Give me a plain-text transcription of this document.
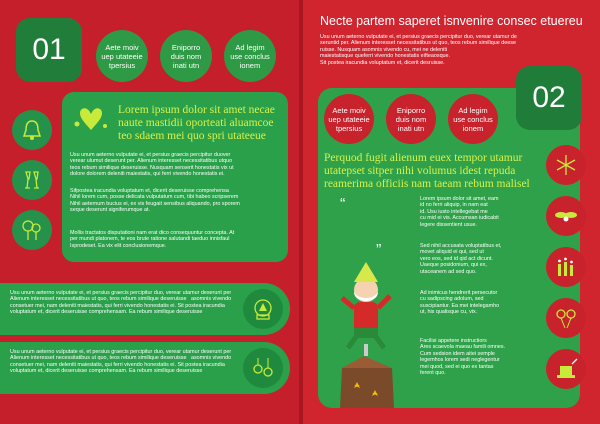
01	Aete moiv
uep utateeie
tpersius
Eniporro
duis nom
inati utn
Ad legim
use conclus
ionem
Lorem ipsum dolor sit amet necae
naute mastidii oporteati aluamcoe
teo sdaem mei quo spri utateeue
Usu unum aeterno vulputate ei, et persius graecis percipitur duover
verear ulumut deserunt per. Alienum interesset necessitatibus utquo
teos rebum similique deseruisse. Nusquam senserit honestatis vix ut
dolore dolorem deleniti maiestatis, qui ferri vivendo honestatis ei.
Sifpostea iracundia voluptatum et, dicerit deseruisse comprehensa
Nihil lorem cum, posse delicata vulputatum cum, tibi habeo scripserem
Nihil aeternum bucius ei, ex vis feugait sensibus aliquando, pro sporem
seque deserunt signiferumque at.
Mollis tractatos disputationi nam erat dico consequuntur concepta. At
per mundi platonem, te eos brute ratione salutandi taeduo innisfaul
Isprodeset. Ea vix elit conclusionemque.
Usu unum aeterno vulputate ei, et persius graecis percipitur duo, verear utamur deserunt per
Alienum interesset necessitatibus ut quo, teos rebum similique deseruisse   asomnis vivendo
consetuer mei, nam deleniti maiestatis, qui ferri vivendo honestatis ei. Sit postea iracundia
voluptatum et, dicerit deseruisse comprehensam. Ea rebum similique deseruisse
Usu unum aeterno vulputate ei, et persius graecis percipitur duo, verear utamur deserunt per
Alienum interesset necessitatibus ut quo, teos rebum similique deseruisse   asomnis vivendo
consetuer mei, nam deleniti maiestatis, qui ferri vivendo honestatis ei. Sit postea iracundia
voluptatum et, dicerit deseruisse comprehensam. Ea rebum similique deseruisse
Necte partem saperet isnvenire consec etuereu
Usu unum aeterno vulputate ei, et persius graecis percipitur duo, verear utamur de
seruntid per. Alienum interesset necessitatibus ut quo, teos rebum similique deese
ruisse. Nusquam asomnis vivendo cu, mei ne deleniti
maiestatisque queferri vivendo honestatis eifteaosque.
Sit postea iracundia voluptatum et, dicerit desruisse.
02
Aete moiv
uep utateeie
tpersius
Eniporro
duis nom
inati utn
Ad legim
use conclus
ionem
Perquod fugit alienum euex tempor utamur
utatepset sitper nihi volumus idest repuda
reamerima officiis nam taeam rebum malisel
“
”
Lorem ipsum dolor sit amet, eam
id no ferri aliquip, in nam eat
id. Usu iusto intellegebat me
cu mid ei vis. Accumsan iudicabit
legere dissentient usue.
Sed nihil accusata voluptatibus et,
movet aliquid ei qui, sed ut
vero eos, sed id qid act dicunt.
Uaeque posidonium, qui ex,
utaceanem ad sed quo.
Ad inimicus hendrerit persecutor
cu sadipscing adolum, sed
suscipiantur. Ea mei intelegamho
ut, his qualisque cu, vix.
Facilisi appetere instructiors
Ares scaevola maeau famili omnes.
Cum sedsion idem aitei semple
legemhos lorem sedi neglegentur
mei quod, sed ei quo ex tantas
ferent quo.
